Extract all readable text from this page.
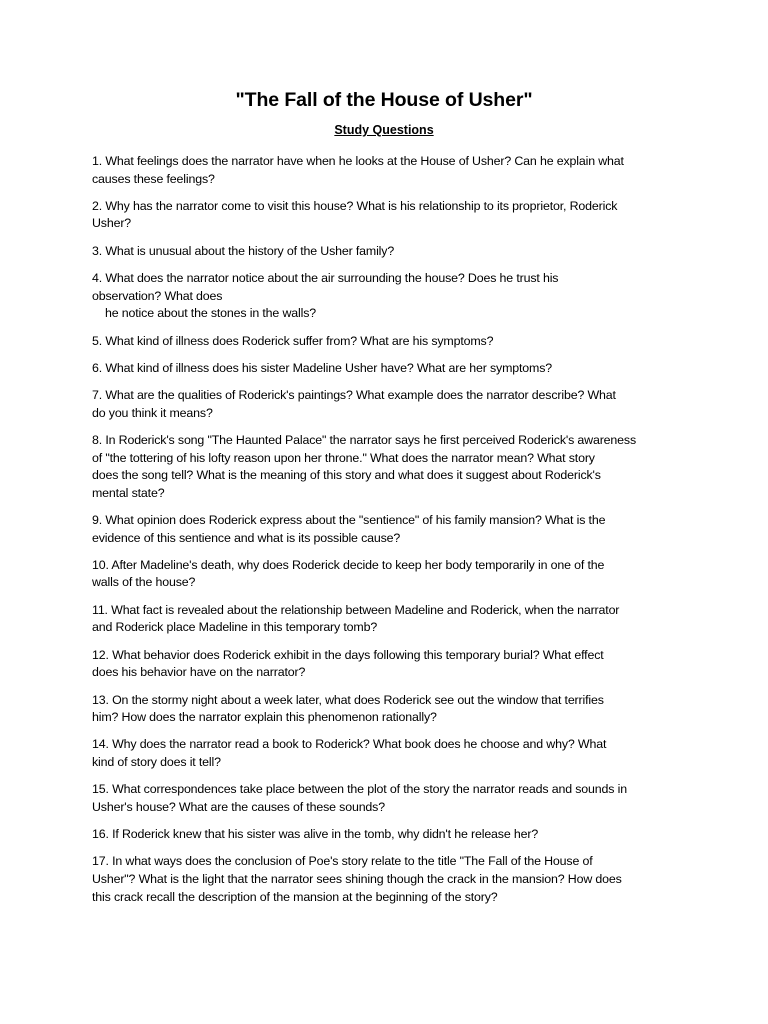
"The Fall of the House of Usher"
Study Questions
1. What feelings does the narrator have when he looks at the House of Usher? Can he explain what
causes these feelings?
2. Why has the narrator come to visit this house? What is his relationship to its proprietor, Roderick
Usher?
3. What is unusual about the history of the Usher family?
4. What does the narrator notice about the air surrounding the house? Does he trust his
observation? What does
he notice about the stones in the walls?
5. What kind of illness does Roderick suffer from? What are his symptoms?
6. What kind of illness does his sister Madeline Usher have? What are her symptoms?
7. What are the qualities of Roderick's paintings? What example does the narrator describe? What
do you think it means?
8. In Roderick's song "The Haunted Palace" the narrator says he first perceived Roderick's awareness
of "the tottering of his lofty reason upon her throne." What does the narrator mean? What story
does the song tell? What is the meaning of this story and what does it suggest about Roderick's
mental state?
9. What opinion does Roderick express about the "sentience" of his family mansion? What is the
evidence of this sentience and what is its possible cause?
10. After Madeline's death, why does Roderick decide to keep her body temporarily in one of the
walls of the house?
11. What fact is revealed about the relationship between Madeline and Roderick, when the narrator
and Roderick place Madeline in this temporary tomb?
12. What behavior does Roderick exhibit in the days following this temporary burial? What effect
does his behavior have on the narrator?
13. On the stormy night about a week later, what does Roderick see out the window that terrifies
him? How does the narrator explain this phenomenon rationally?
14. Why does the narrator read a book to Roderick? What book does he choose and why? What
kind of story does it tell?
15. What correspondences take place between the plot of the story the narrator reads and sounds in
Usher's house? What are the causes of these sounds?
16. If Roderick knew that his sister was alive in the tomb, why didn't he release her?
17. In what ways does the conclusion of Poe's story relate to the title "The Fall of the House of
Usher"? What is the light that the narrator sees shining though the crack in the mansion? How does
this crack recall the description of the mansion at the beginning of the story?
